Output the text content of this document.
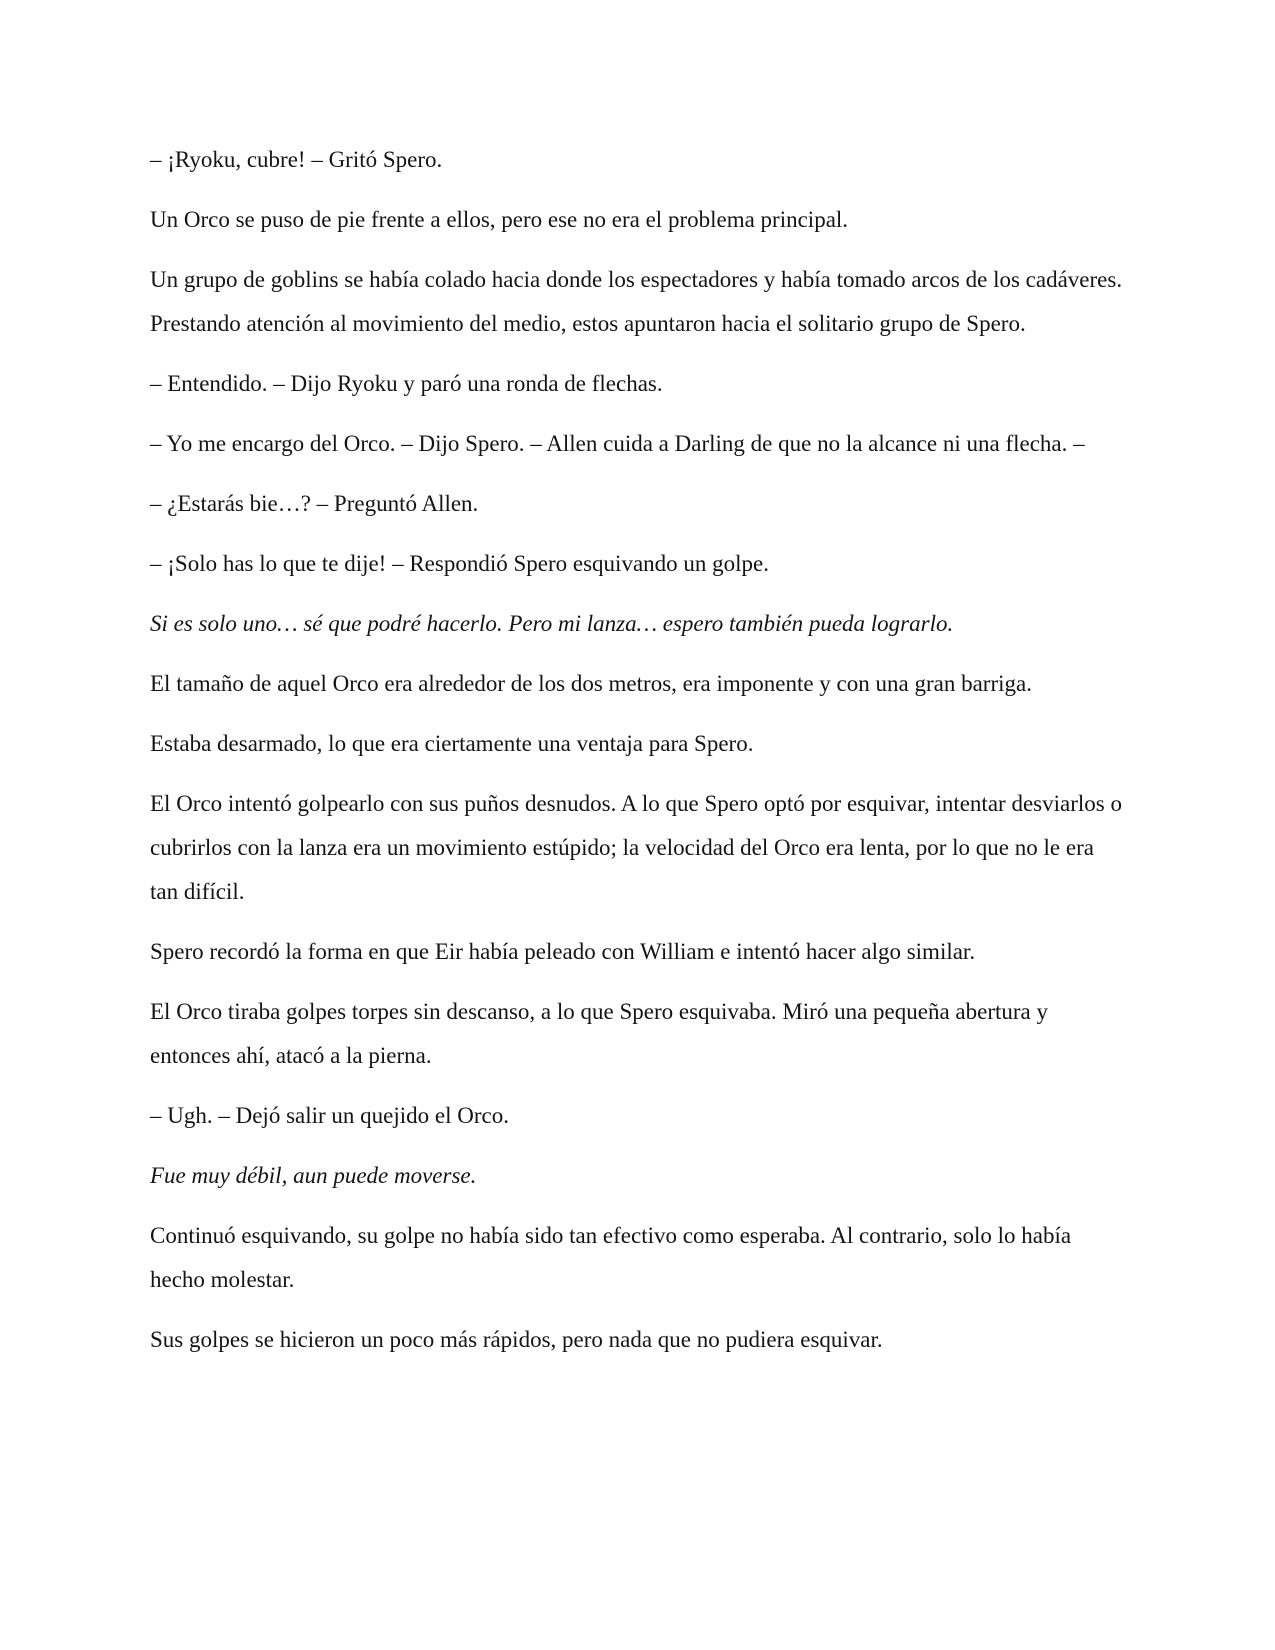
– ¡Ryoku, cubre! – Gritó Spero.

Un Orco se puso de pie frente a ellos, pero ese no era el problema principal.

Un grupo de goblins se había colado hacia donde los espectadores y había tomado arcos de los cadáveres. Prestando atención al movimiento del medio, estos apuntaron hacia el solitario grupo de Spero.

– Entendido. – Dijo Ryoku y paró una ronda de flechas.

– Yo me encargo del Orco. – Dijo Spero. – Allen cuida a Darling de que no la alcance ni una flecha. –

– ¿Estarás bie…? – Preguntó Allen.

– ¡Solo has lo que te dije! – Respondió Spero esquivando un golpe.

Si es solo uno… sé que podré hacerlo. Pero mi lanza… espero también pueda lograrlo.

El tamaño de aquel Orco era alrededor de los dos metros, era imponente y con una gran barriga.

Estaba desarmado, lo que era ciertamente una ventaja para Spero.

El Orco intentó golpearlo con sus puños desnudos. A lo que Spero optó por esquivar, intentar desviarlos o cubrirlos con la lanza era un movimiento estúpido; la velocidad del Orco era lenta, por lo que no le era tan difícil.

Spero recordó la forma en que Eir había peleado con William e intentó hacer algo similar.

El Orco tiraba golpes torpes sin descanso, a lo que Spero esquivaba. Miró una pequeña abertura y entonces ahí, atacó a la pierna.

– Ugh. – Dejó salir un quejido el Orco.

Fue muy débil, aun puede moverse.

Continuó esquivando, su golpe no había sido tan efectivo como esperaba. Al contrario, solo lo había hecho molestar.

Sus golpes se hicieron un poco más rápidos, pero nada que no pudiera esquivar.
